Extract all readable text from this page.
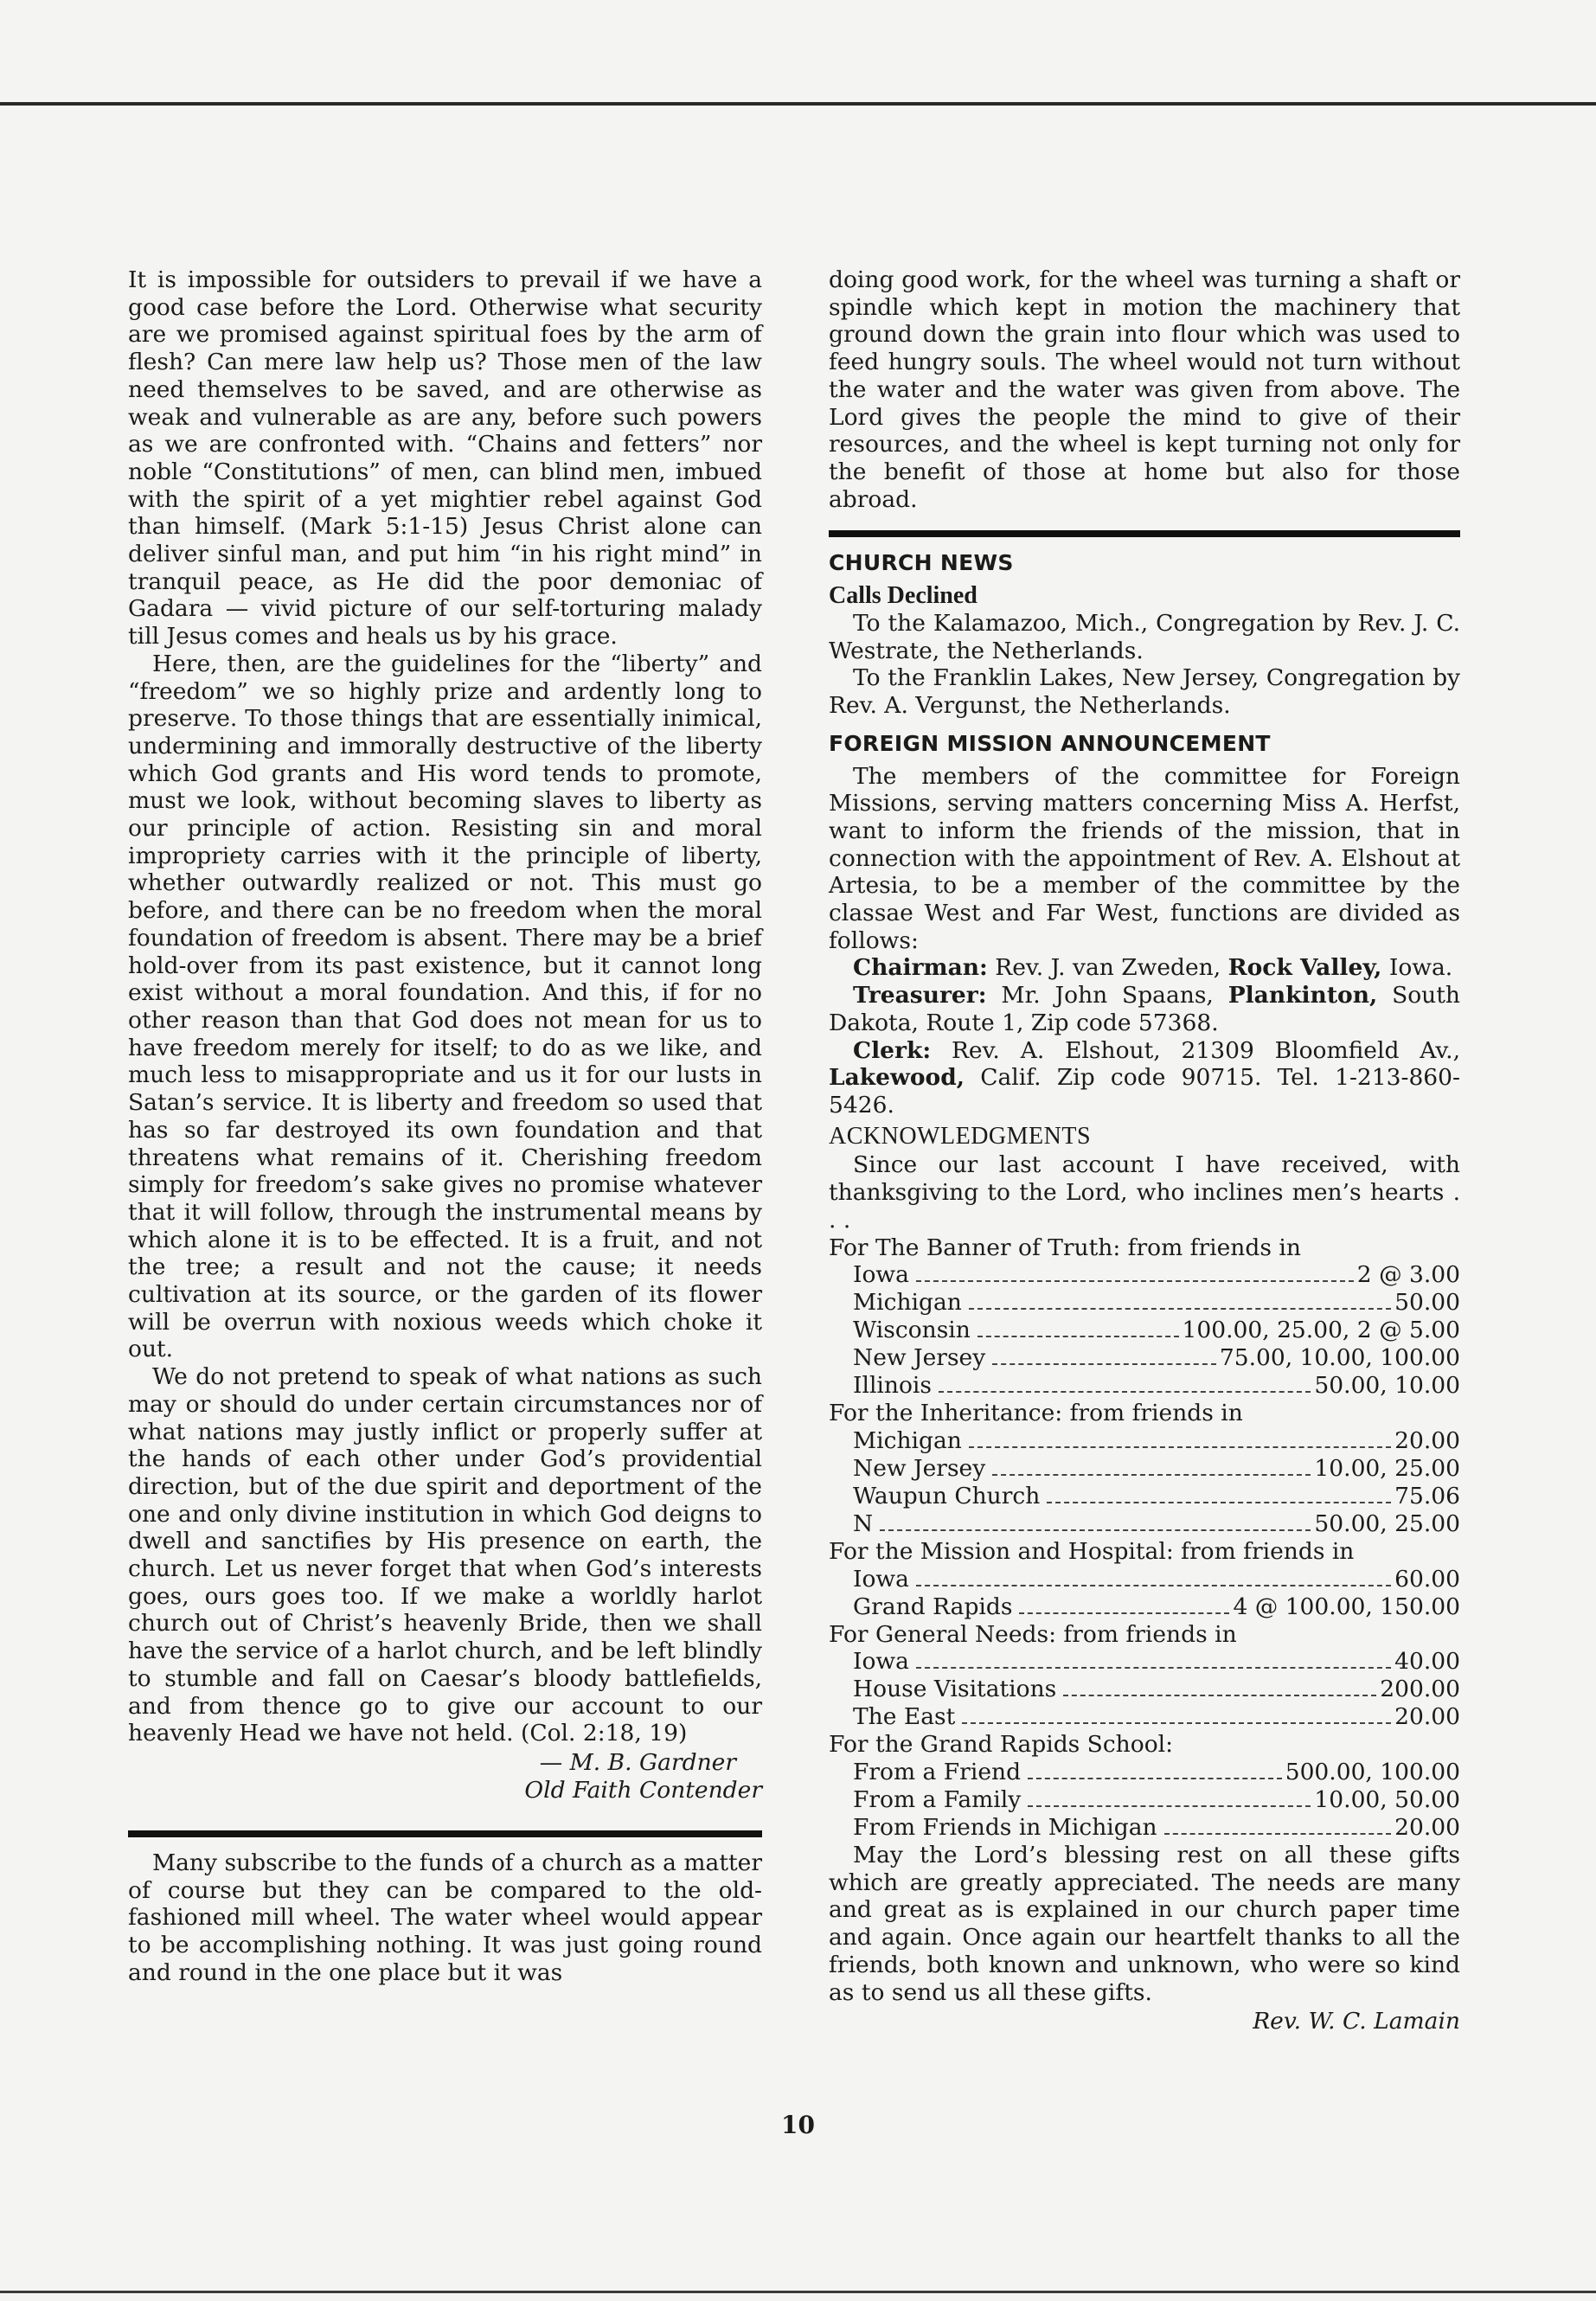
It is impossible for outsiders to prevail if we have a good case before the Lord. Otherwise what security are we promised against spiritual foes by the arm of flesh? Can mere law help us? Those men of the law need themselves to be saved, and are otherwise as weak and vulnerable as are any, before such powers as we are confronted with. “Chains and fetters” nor noble “Constitutions” of men, can blind men, imbued with the spirit of a yet mightier rebel against God than himself. (Mark 5:1-15) Jesus Christ alone can deliver sinful man, and put him “in his right mind” in tranquil peace, as He did the poor demoniac of Gadara — vivid picture of our self-torturing malady till Jesus comes and heals us by his grace.

Here, then, are the guidelines for the “liberty” and “freedom” we so highly prize and ardently long to preserve. To those things that are essentially inimical, undermining and immorally destructive of the liberty which God grants and His word tends to promote, must we look, without becoming slaves to liberty as our principle of action. Resisting sin and moral impropriety carries with it the principle of liberty, whether outwardly realized or not. This must go before, and there can be no freedom when the moral foundation of freedom is absent. There may be a brief hold-over from its past existence, but it cannot long exist without a moral foundation. And this, if for no other reason than that God does not mean for us to have freedom merely for itself; to do as we like, and much less to misappropriate and us it for our lusts in Satan’s service. It is liberty and freedom so used that has so far destroyed its own foundation and that threatens what remains of it. Cherishing freedom simply for freedom’s sake gives no promise whatever that it will follow, through the instrumental means by which alone it is to be effected. It is a fruit, and not the tree; a result and not the cause; it needs cultivation at its source, or the garden of its flower will be overrun with noxious weeds which choke it out.

We do not pretend to speak of what nations as such may or should do under certain circumstances nor of what nations may justly inflict or properly suffer at the hands of each other under God’s providential direction, but of the due spirit and deportment of the one and only divine institution in which God deigns to dwell and sanctifies by His presence on earth, the church. Let us never forget that when God’s interests goes, ours goes too. If we make a worldly harlot church out of Christ’s heavenly Bride, then we shall have the service of a harlot church, and be left blindly to stumble and fall on Caesar’s bloody battlefields, and from thence go to give our account to our heavenly Head we have not held. (Col. 2:18, 19)

— M. B. Gardner
Old Faith Contender

Many subscribe to the funds of a church as a matter of course but they can be compared to the old-fashioned mill wheel. The water wheel would appear to be accomplishing nothing. It was just going round and round in the one place but it was

doing good work, for the wheel was turning a shaft or spindle which kept in motion the machinery that ground down the grain into flour which was used to feed hungry souls. The wheel would not turn without the water and the water was given from above. The Lord gives the people the mind to give of their resources, and the wheel is kept turning not only for the benefit of those at home but also for those abroad.

CHURCH NEWS
Calls Declined

To the Kalamazoo, Mich., Congregation by Rev. J. C. Westrate, the Netherlands.

To the Franklin Lakes, New Jersey, Congregation by Rev. A. Vergunst, the Netherlands.

FOREIGN MISSION ANNOUNCEMENT

The members of the committee for Foreign Missions, serving matters concerning Miss A. Herfst, want to inform the friends of the mission, that in connection with the appointment of Rev. A. Elshout at Artesia, to be a member of the committee by the classae West and Far West, functions are divided as follows:

Chairman: Rev. J. van Zweden, Rock Valley, Iowa.

Treasurer: Mr. John Spaans, Plankinton, South Dakota, Route 1, Zip code 57368.

Clerk: Rev. A. Elshout, 21309 Bloomfield Av., Lakewood, Calif. Zip code 90715. Tel. 1-213-860-5426.

ACKNOWLEDGMENTS

Since our last account I have received, with thanksgiving to the Lord, who inclines men’s hearts . . .

For The Banner of Truth: from friends in
Iowa	2 @ 3.00
Michigan	50.00
Wisconsin	100.00, 25.00, 2 @ 5.00
New Jersey	75.00, 10.00, 100.00
Illinois	50.00, 10.00
For the Inheritance: from friends in
Michigan	20.00
New Jersey	10.00, 25.00
Waupun Church	75.06
N	50.00, 25.00
For the Mission and Hospital: from friends in
Iowa	60.00
Grand Rapids	4 @ 100.00, 150.00
For General Needs: from friends in
Iowa	40.00
House Visitations	200.00
The East	20.00
For the Grand Rapids School:
From a Friend	500.00, 100.00
From a Family	10.00, 50.00
From Friends in Michigan	20.00

May the Lord’s blessing rest on all these gifts which are greatly appreciated. The needs are many and great as is explained in our church paper time and again. Once again our heartfelt thanks to all the friends, both known and unknown, who were so kind as to send us all these gifts.

Rev. W. C. Lamain
10
